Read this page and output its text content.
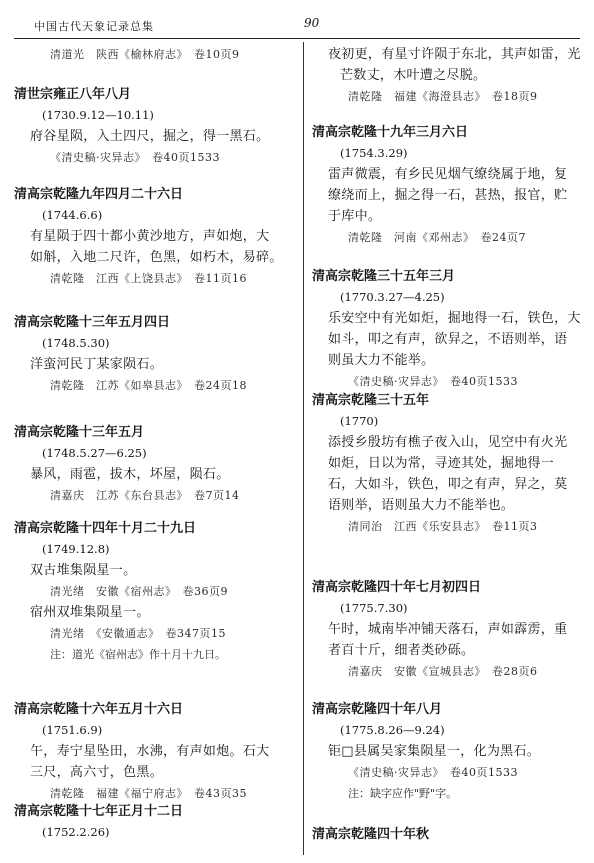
中国古代天象记录总集	90
清道光　陕西《榆林府志》　卷10页9
清世宗雍正八年八月
(1730.9.12—10.11)
府谷星陨，入土四尺，掘之，得一黑石。
《清史稿·灾异志》　卷40页1533
清高宗乾隆九年四月二十六日
(1744.6.6)
有星陨于四十都小黄沙地方，声如炮，大
如斛，入地二尺许，色黑，如朽木，易碎。
清乾隆　江西《上饶县志》　卷11页16
清高宗乾隆十三年五月四日
(1748.5.30)
洋蛮河民丁某家陨石。
清乾隆　江苏《如皋县志》　卷24页18
清高宗乾隆十三年五月
(1748.5.27—6.25)
暴风，雨雹，拔木，坏屋，陨石。
清嘉庆　江苏《东台县志》　卷7页14
清高宗乾隆十四年十月二十九日
(1749.12.8)
双古堆集陨星一。
清光绪　安徽《宿州志》　卷36页9
宿州双堆集陨星一。
清光绪　《安徽通志》　卷347页15
注：道光《宿州志》作十月十九日。
清高宗乾隆十六年五月十六日
(1751.6.9)
午，寿宁星坠田，水沸，有声如炮。石大
三尺，高六寸，色黑。
清乾隆　福建《福宁府志》　卷43页35
清高宗乾隆十七年正月十二日
(1752.2.26)
夜初更，有星寸许陨于东北，其声如雷，光
芒数丈，木叶遭之尽脱。
清乾隆　福建《海澄县志》　卷18页9
清高宗乾隆十九年三月六日
(1754.3.29)
雷声微震，有乡民见烟气缭绕属于地，复
缭绕而上，掘之得一石，甚热，报官，贮
于库中。
清乾隆　河南《邓州志》　卷24页7
清高宗乾隆三十五年三月
(1770.3.27—4.25)
乐安空中有光如炬，掘地得一石，铁色，大
如斗，叩之有声，欲舁之，不语则举，语
则虽大力不能举。
《清史稿·灾异志》　卷40页1533
清高宗乾隆三十五年
(1770)
添授乡殷坊有樵子夜入山，见空中有火光
如炬，日以为常，寻迹其处，掘地得一
石，大如斗，铁色，叩之有声，舁之，莫
语则举，语则虽大力不能举也。
清同治　江西《乐安县志》　卷11页3
清高宗乾隆四十年七月初四日
(1775.7.30)
午时，城南毕冲铺天落石，声如霹雳，重
者百十斤，细者类砂砾。
清嘉庆　安徽《宣城县志》　卷28页6
清高宗乾隆四十年八月
(1775.8.26—9.24)
钜□县属吴家集陨星一，化为黑石。
《清史稿·灾异志》　卷40页1533
注：缺字应作"野"字。
清高宗乾隆四十年秋
